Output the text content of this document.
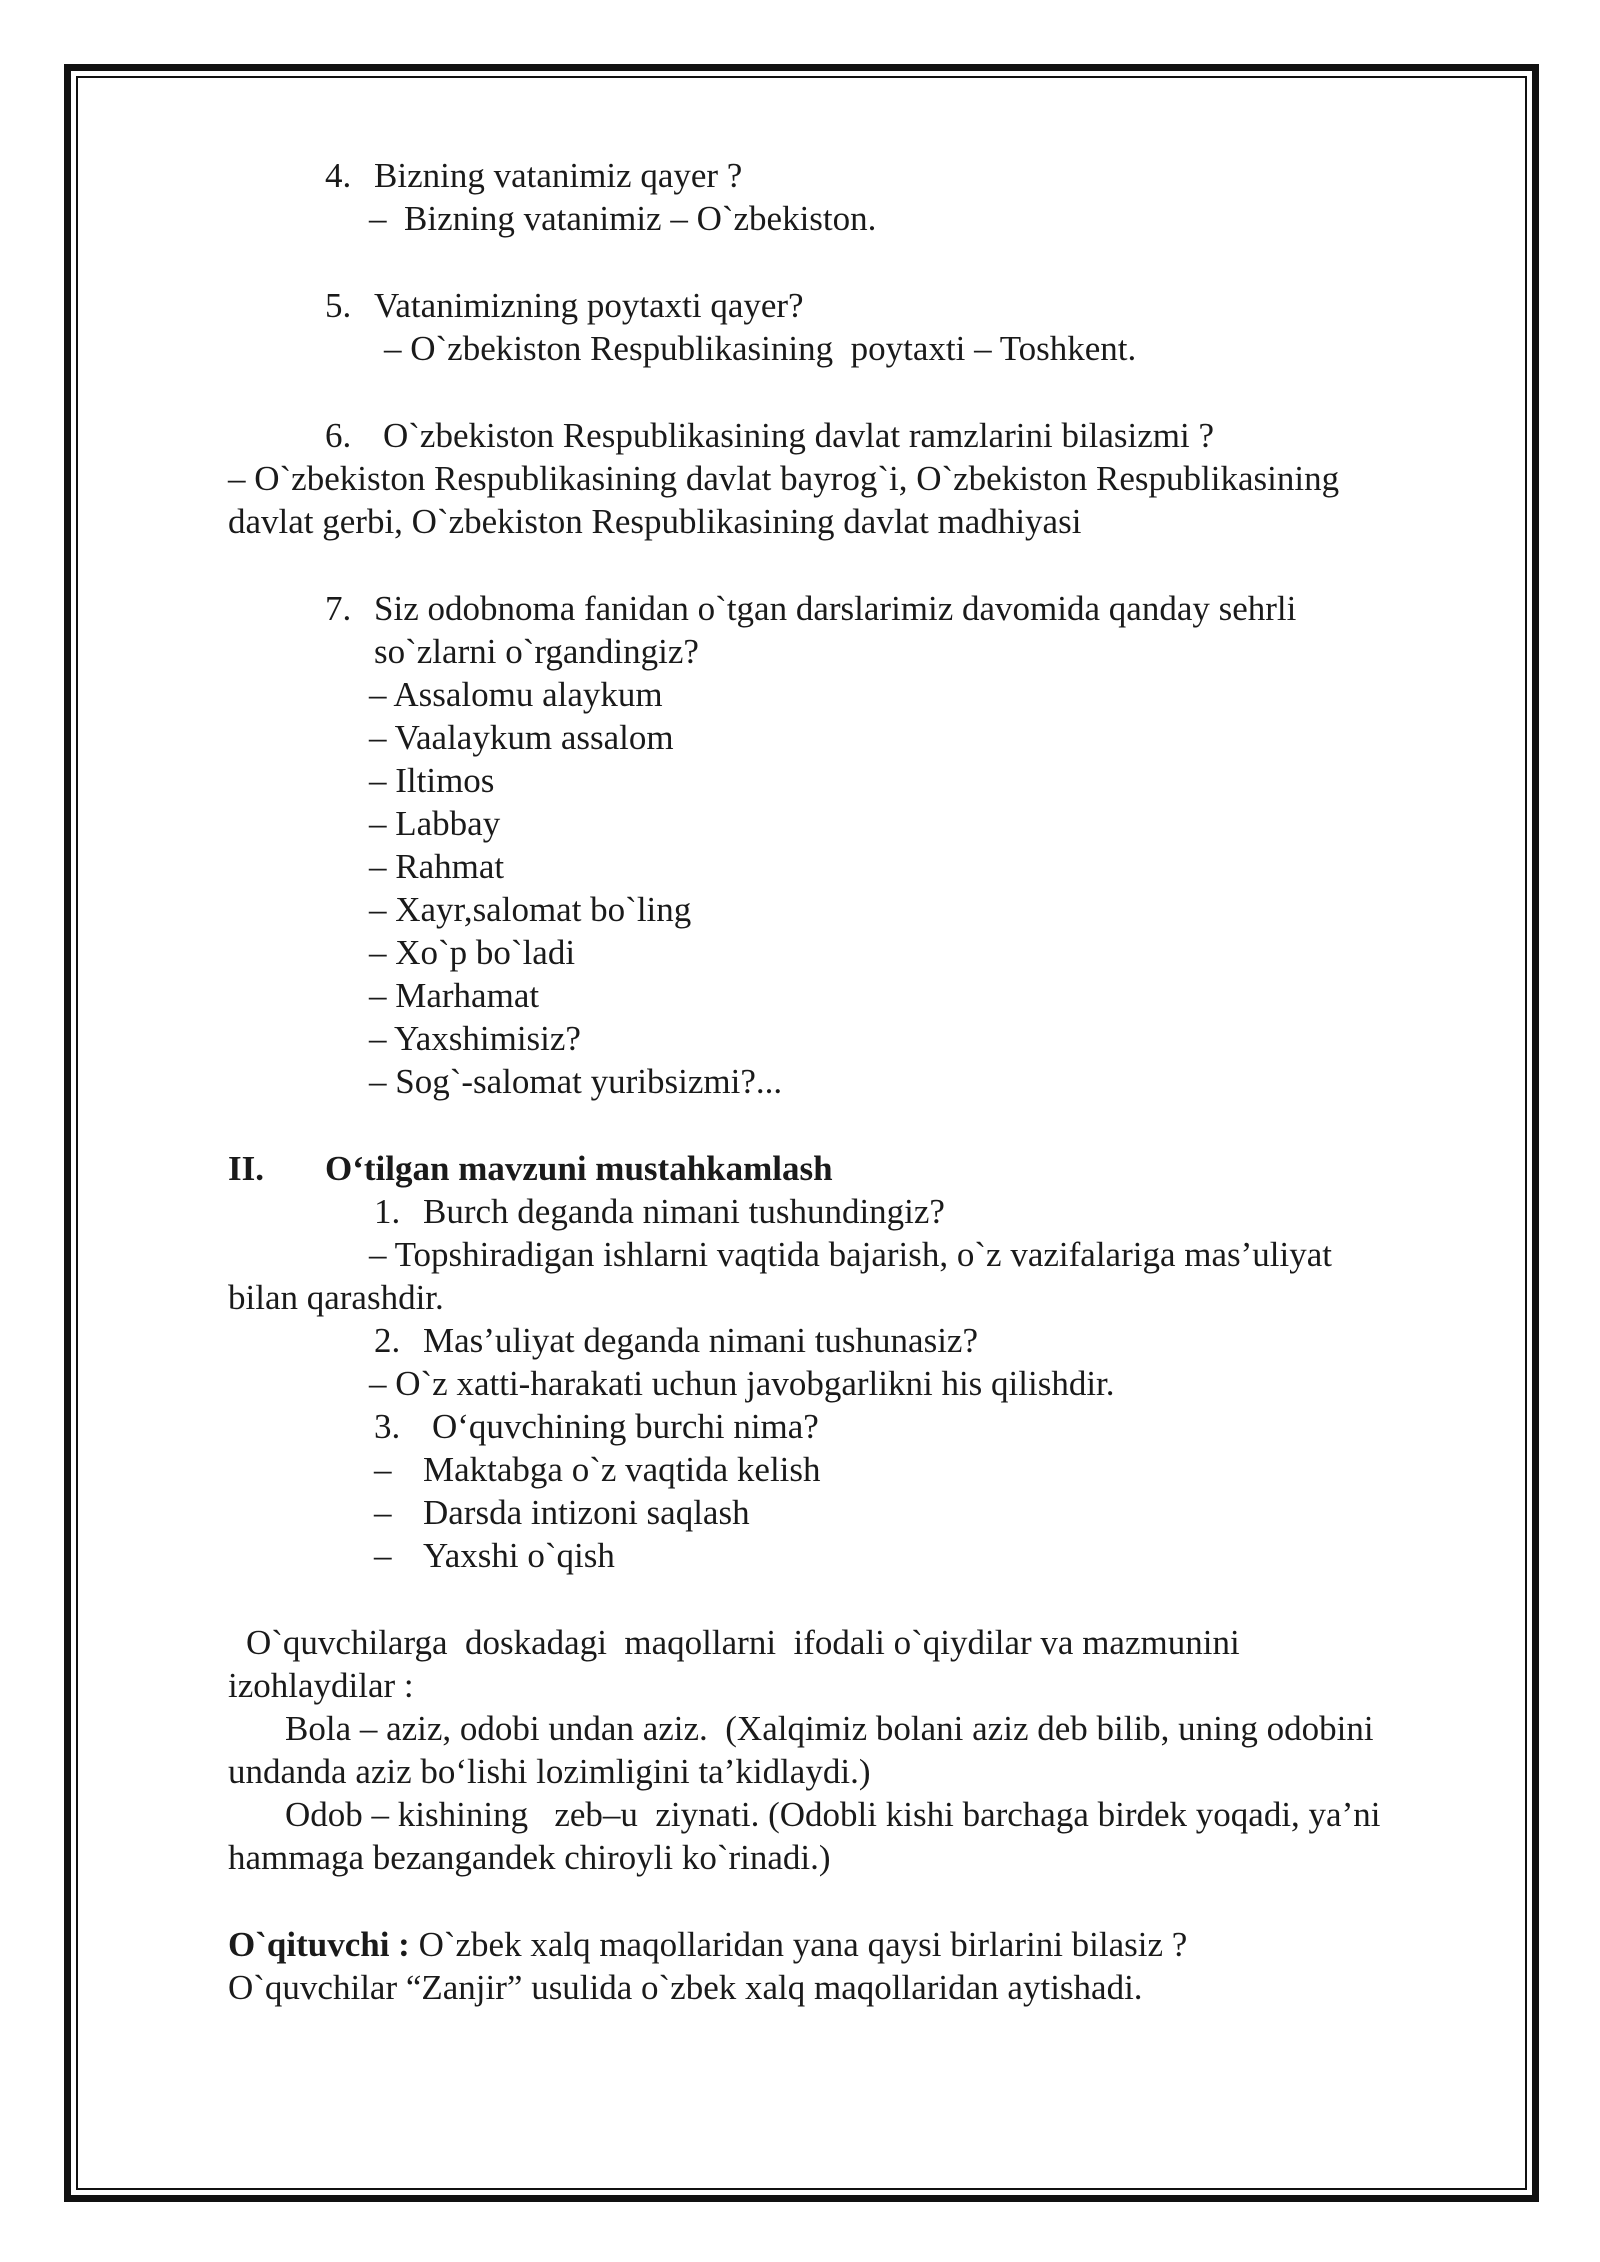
4. Bizning vatanimiz qayer ?
–  Bizning vatanimiz – O`zbekiston.
5. Vatanimizning poytaxti qayer?
– O`zbekiston Respublikasining  poytaxti – Toshkent.
6. O`zbekiston Respublikasining davlat ramzlarini bilasizmi ?
– O`zbekiston Respublikasining davlat bayrog`i, O`zbekiston Respublikasining
davlat gerbi, O`zbekiston Respublikasining davlat madhiyasi
7. Siz odobnoma fanidan o`tgan darslarimiz davomida qanday sehrli
so`zlarni o`rgandingiz?
– Assalomu alaykum
– Vaalaykum assalom
– Iltimos
– Labbay
– Rahmat
– Xayr,salomat bo`ling
– Xo`p bo`ladi
– Marhamat
– Yaxshimisiz?
– Sog`-salomat yuribsizmi?...
II. O‘tilgan mavzuni mustahkamlash
1. Burch deganda nimani tushundingiz?
– Topshiradigan ishlarni vaqtida bajarish, o`z vazifalariga mas’uliyat
bilan qarashdir.
2. Mas’uliyat deganda nimani tushunasiz?
– O`z xatti-harakati uchun javobgarlikni his qilishdir.
3. O‘quvchining burchi nima?
– Maktabga o`z vaqtida kelish
– Darsda intizoni saqlash
– Yaxshi o`qish
O`quvchilarga  doskadagi  maqollarni  ifodali o`qiydilar va mazmunini
izohlaydilar :
Bola – aziz, odobi undan aziz.  (Xalqimiz bolani aziz deb bilib, uning odobini
undanda aziz bo‘lishi lozimligini ta’kidlaydi.)
Odob – kishining   zeb–u  ziynati. (Odobli kishi barchaga birdek yoqadi, ya’ni
hammaga bezangandek chiroyli ko`rinadi.)
O`qituvchi : O`zbek xalq maqollaridan yana qaysi birlarini bilasiz ?
O`quvchilar “Zanjir” usulida o`zbek xalq maqollaridan aytishadi.
